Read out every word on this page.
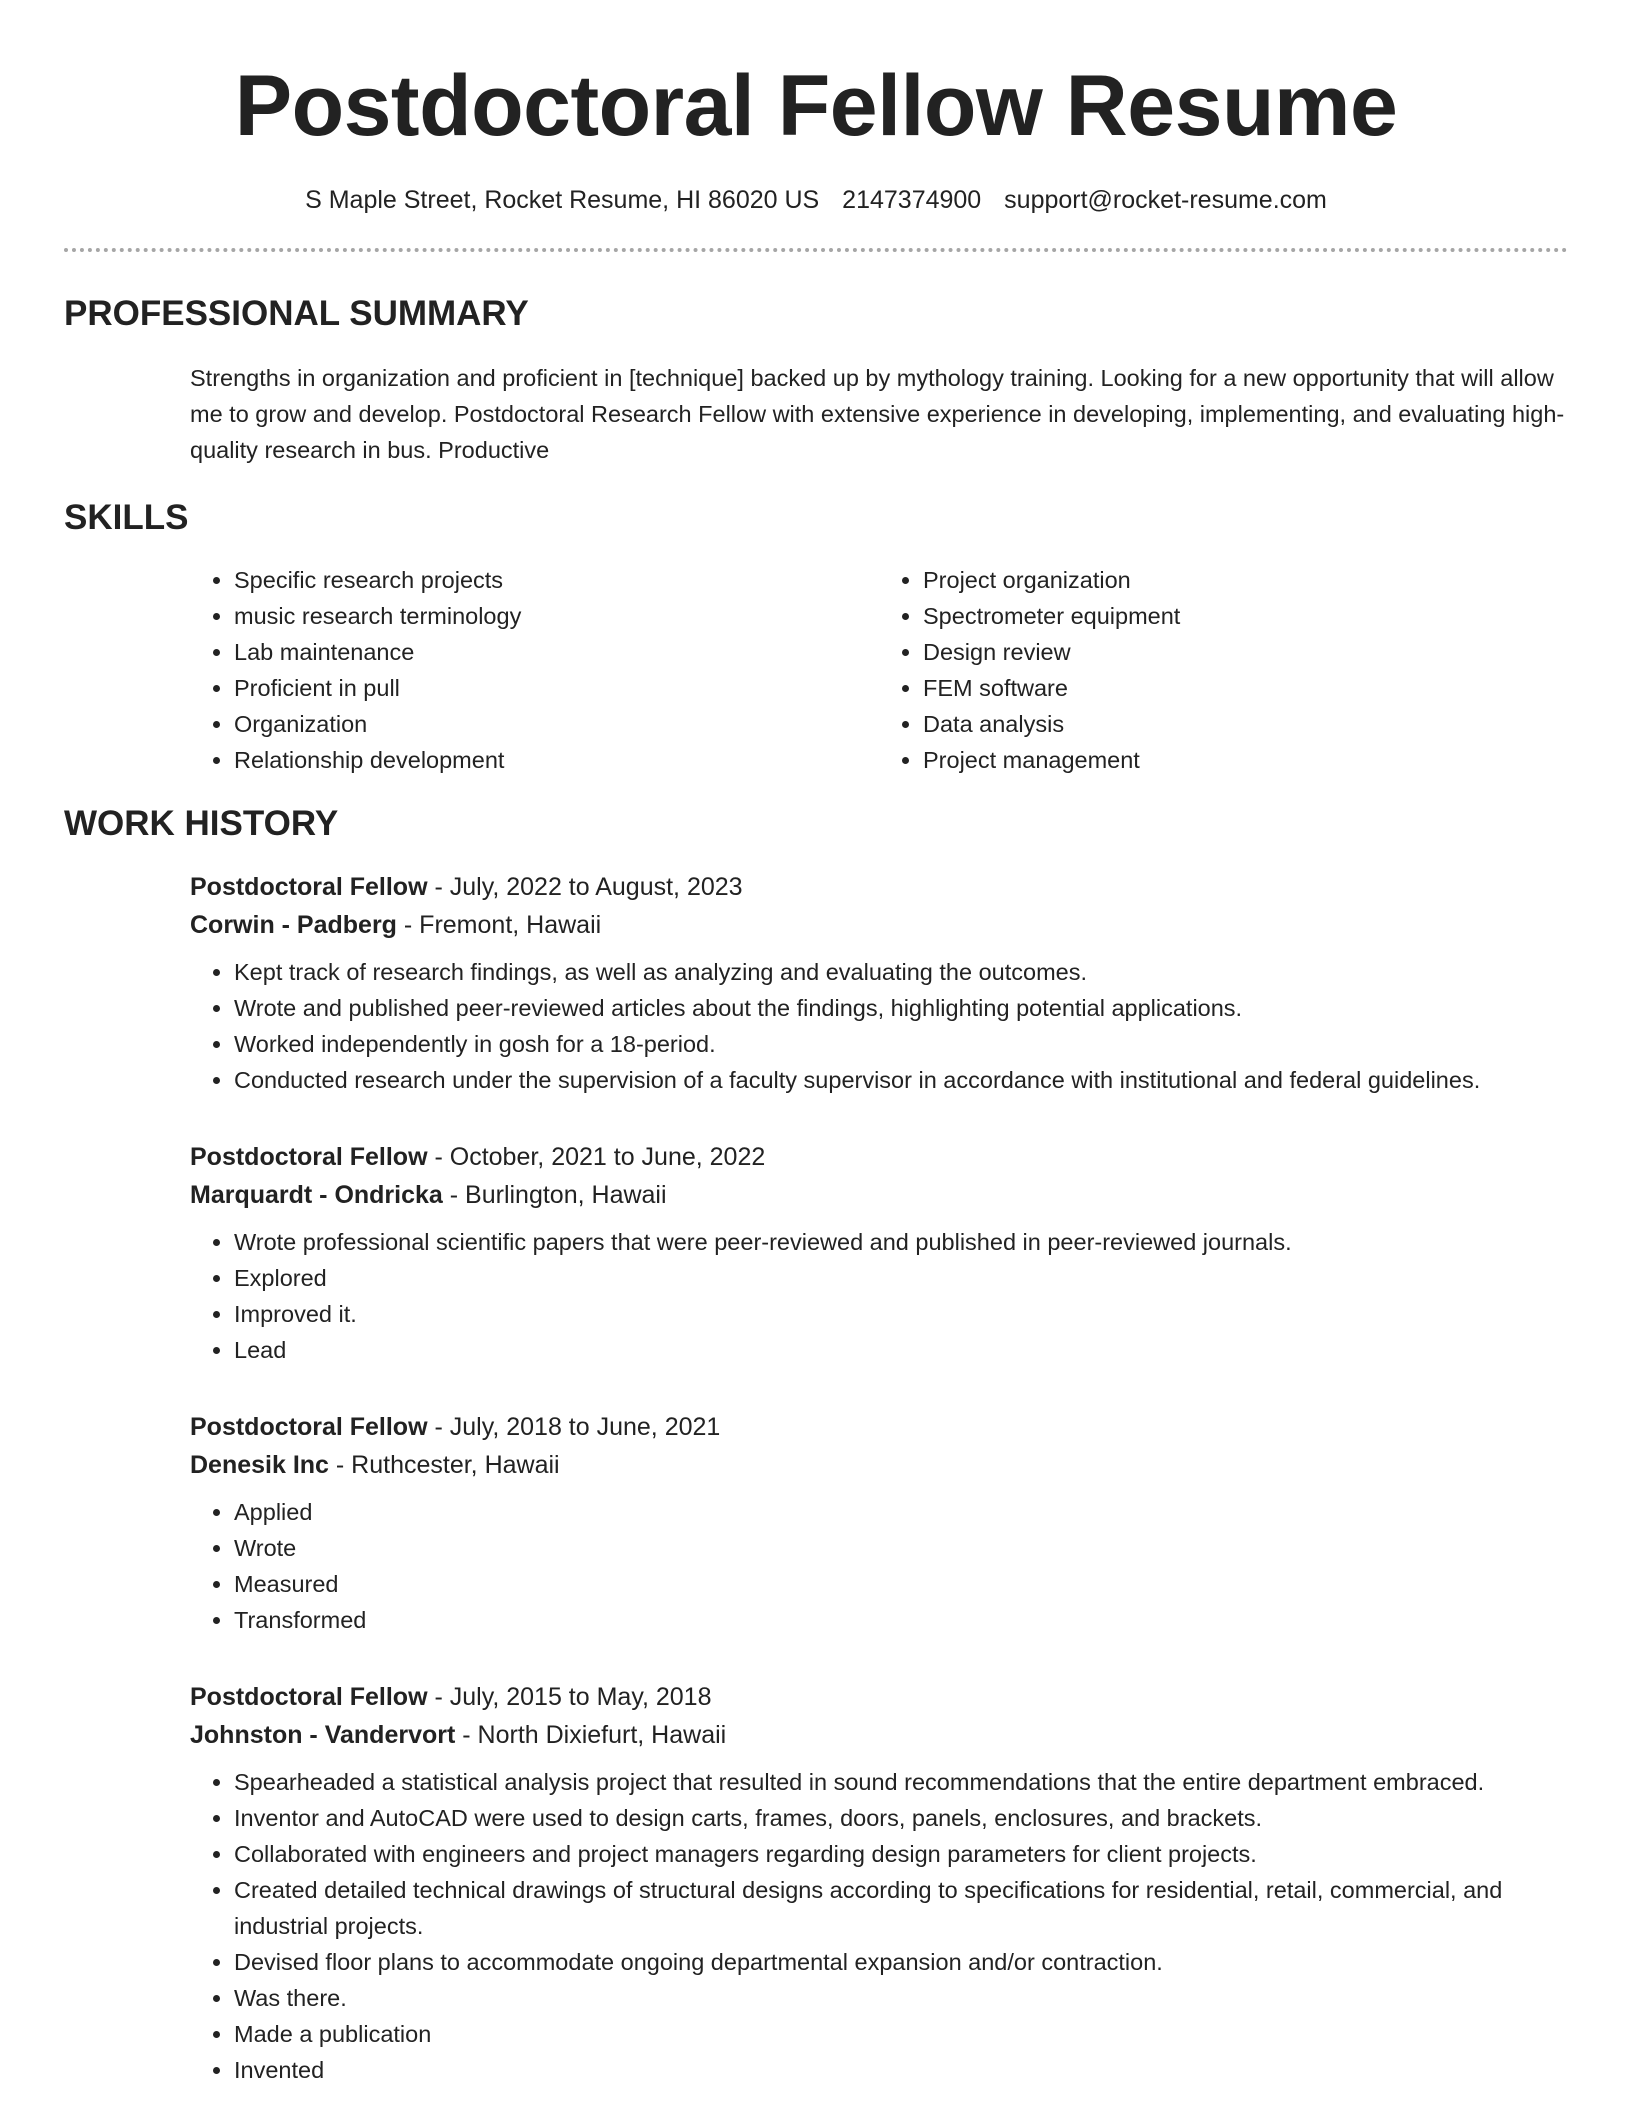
Postdoctoral Fellow Resume
S Maple Street, Rocket Resume, HI 86020 US 2147374900 support@rocket-resume.com
PROFESSIONAL SUMMARY
Strengths in organization and proficient in [technique] backed up by mythology training. Looking for a new opportunity that will allow me to grow and develop. Postdoctoral Research Fellow with extensive experience in developing, implementing, and evaluating high-quality research in bus. Productive
SKILLS
• Specific research projects
• music research terminology
• Lab maintenance
• Proficient in pull
• Organization
• Relationship development
• Project organization
• Spectrometer equipment
• Design review
• FEM software
• Data analysis
• Project management
WORK HISTORY
Postdoctoral Fellow - July, 2022 to August, 2023
Corwin - Padberg - Fremont, Hawaii
• Kept track of research findings, as well as analyzing and evaluating the outcomes.
• Wrote and published peer-reviewed articles about the findings, highlighting potential applications.
• Worked independently in gosh for a 18-period.
• Conducted research under the supervision of a faculty supervisor in accordance with institutional and federal guidelines.
Postdoctoral Fellow - October, 2021 to June, 2022
Marquardt - Ondricka - Burlington, Hawaii
• Wrote professional scientific papers that were peer-reviewed and published in peer-reviewed journals.
• Explored
• Improved it.
• Lead
Postdoctoral Fellow - July, 2018 to June, 2021
Denesik Inc - Ruthcester, Hawaii
• Applied
• Wrote
• Measured
• Transformed
Postdoctoral Fellow - July, 2015 to May, 2018
Johnston - Vandervort - North Dixiefurt, Hawaii
• Spearheaded a statistical analysis project that resulted in sound recommendations that the entire department embraced.
• Inventor and AutoCAD were used to design carts, frames, doors, panels, enclosures, and brackets.
• Collaborated with engineers and project managers regarding design parameters for client projects.
• Created detailed technical drawings of structural designs according to specifications for residential, retail, commercial, and industrial projects.
• Devised floor plans to accommodate ongoing departmental expansion and/or contraction.
• Was there.
• Made a publication
• Invented
